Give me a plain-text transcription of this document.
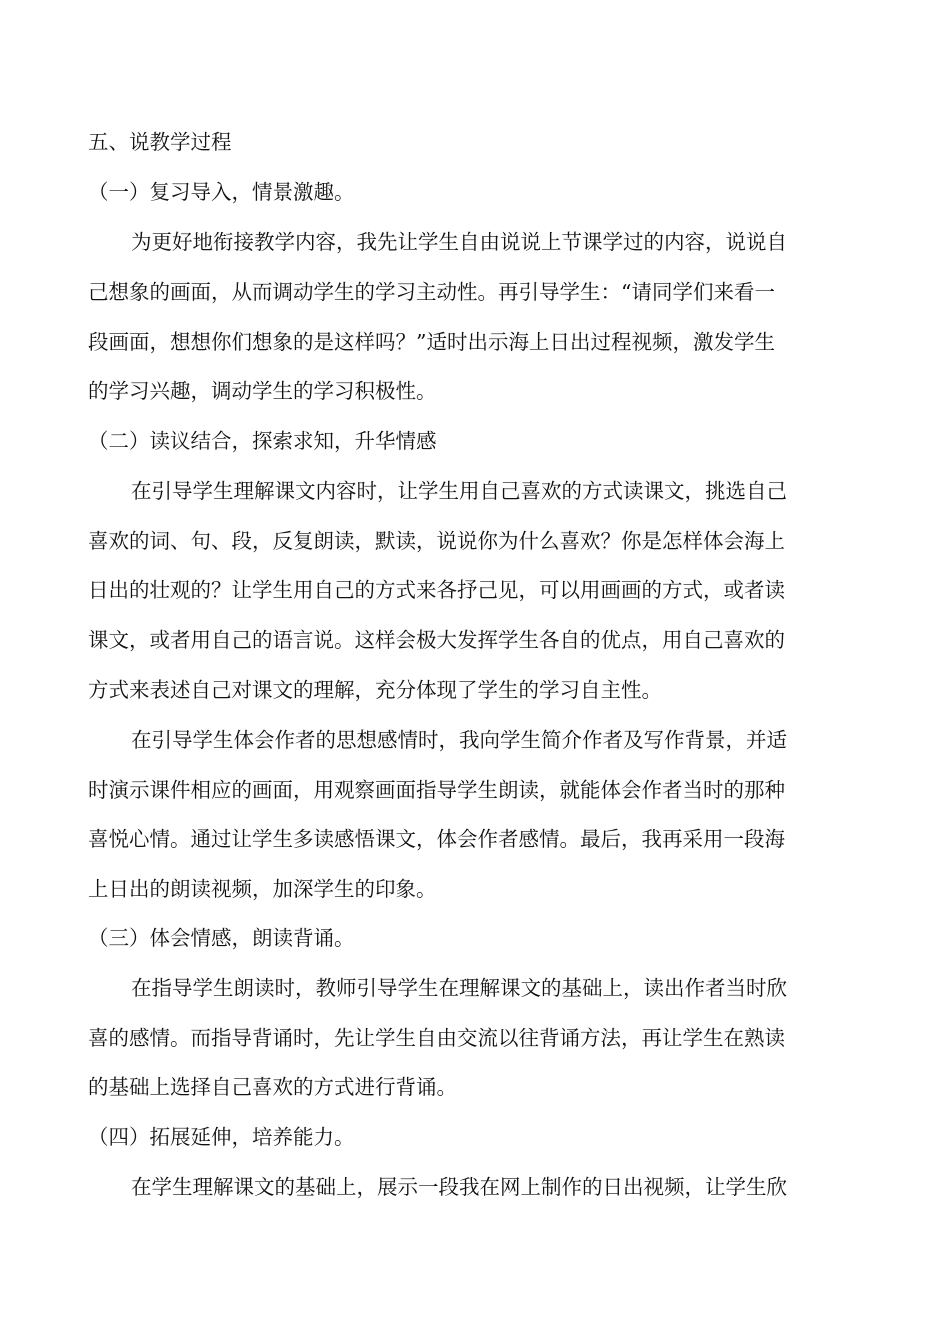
五、说教学过程
（一）复习导入，情景激趣。
为更好地衔接教学内容，我先让学生自由说说上节课学过的内容，说说自
己想象的画面，从而调动学生的学习主动性。再引导学生：“请同学们来看一
段画面，想想你们想象的是这样吗？”适时出示海上日出过程视频，激发学生
的学习兴趣，调动学生的学习积极性。
（二）读议结合，探索求知，升华情感
在引导学生理解课文内容时，让学生用自己喜欢的方式读课文，挑选自己
喜欢的词、句、段，反复朗读，默读，说说你为什么喜欢？你是怎样体会海上
日出的壮观的？让学生用自己的方式来各抒己见，可以用画画的方式，或者读
课文，或者用自己的语言说。这样会极大发挥学生各自的优点，用自己喜欢的
方式来表述自己对课文的理解，充分体现了学生的学习自主性。
在引导学生体会作者的思想感情时，我向学生简介作者及写作背景，并适
时演示课件相应的画面，用观察画面指导学生朗读，就能体会作者当时的那种
喜悦心情。通过让学生多读感悟课文，体会作者感情。最后，我再采用一段海
上日出的朗读视频，加深学生的印象。
（三）体会情感，朗读背诵。
在指导学生朗读时，教师引导学生在理解课文的基础上，读出作者当时欣
喜的感情。而指导背诵时，先让学生自由交流以往背诵方法，再让学生在熟读
的基础上选择自己喜欢的方式进行背诵。
（四）拓展延伸，培养能力。
在学生理解课文的基础上，展示一段我在网上制作的日出视频，让学生欣
